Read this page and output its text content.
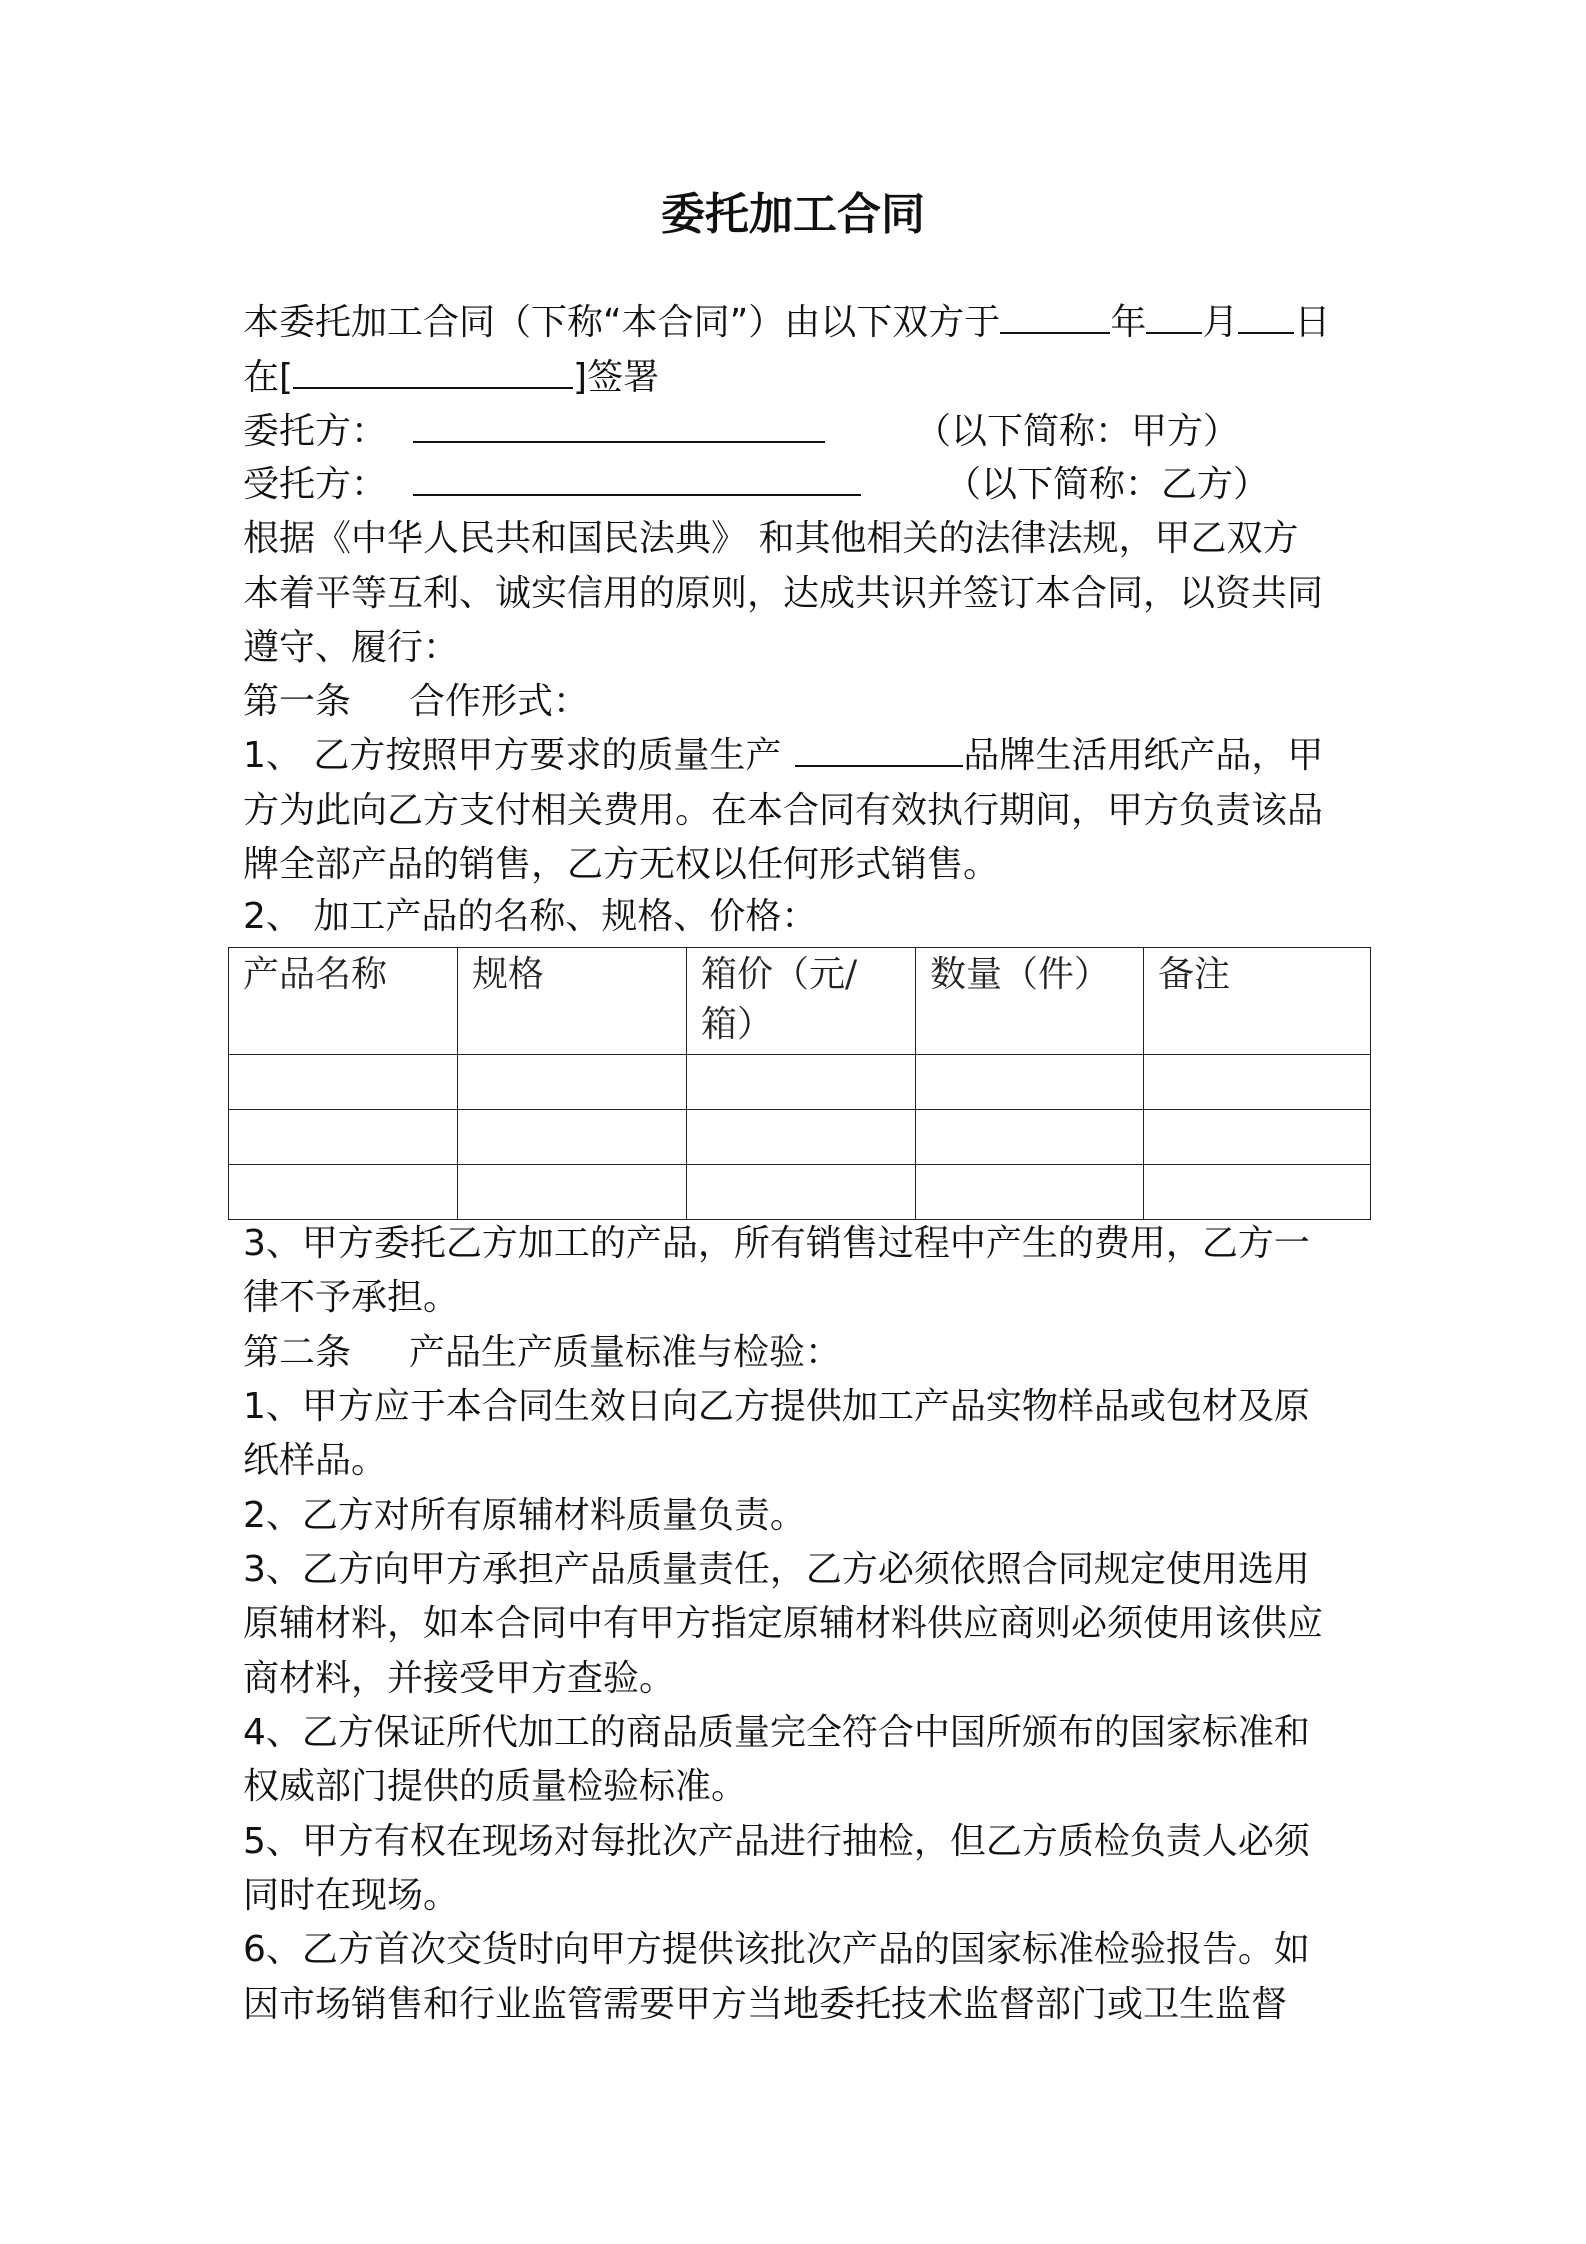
委托加工合同
本委托加工合同（下称“本合同”）由以下双方于	年 月 日
在[	]签署
委托方：	（以下简称：甲方）
受托方：	（以下简称：乙方）
根据《中华人民共和国民法典》 和其他相关的法律法规，甲乙双方
本着平等互利、诚实信用的原则，达成共识并签订本合同，以资共同
遵守、履行：
第一条 合作形式：
1、 乙方按照甲方要求的质量生产	品牌生活用纸产品，甲
方为此向乙方支付相关费用。在本合同有效执行期间，甲方负责该品
牌全部产品的销售，乙方无权以任何形式销售。
2、 加工产品的名称、规格、价格：
产品名称	规格	箱价（元/
箱）	数量（件）	备注

3、甲方委托乙方加工的产品，所有销售过程中产生的费用，乙方一
律不予承担。
第二条 产品生产质量标准与检验：
1、甲方应于本合同生效日向乙方提供加工产品实物样品或包材及原
纸样品。
2、乙方对所有原辅材料质量负责。
3、乙方向甲方承担产品质量责任，乙方必须依照合同规定使用选用
原辅材料，如本合同中有甲方指定原辅材料供应商则必须使用该供应
商材料，并接受甲方查验。
4、乙方保证所代加工的商品质量完全符合中国所颁布的国家标准和
权威部门提供的质量检验标准。
5、甲方有权在现场对每批次产品进行抽检，但乙方质检负责人必须
同时在现场。
6、乙方首次交货时向甲方提供该批次产品的国家标准检验报告。如
因市场销售和行业监管需要甲方当地委托技术监督部门或卫生监督
